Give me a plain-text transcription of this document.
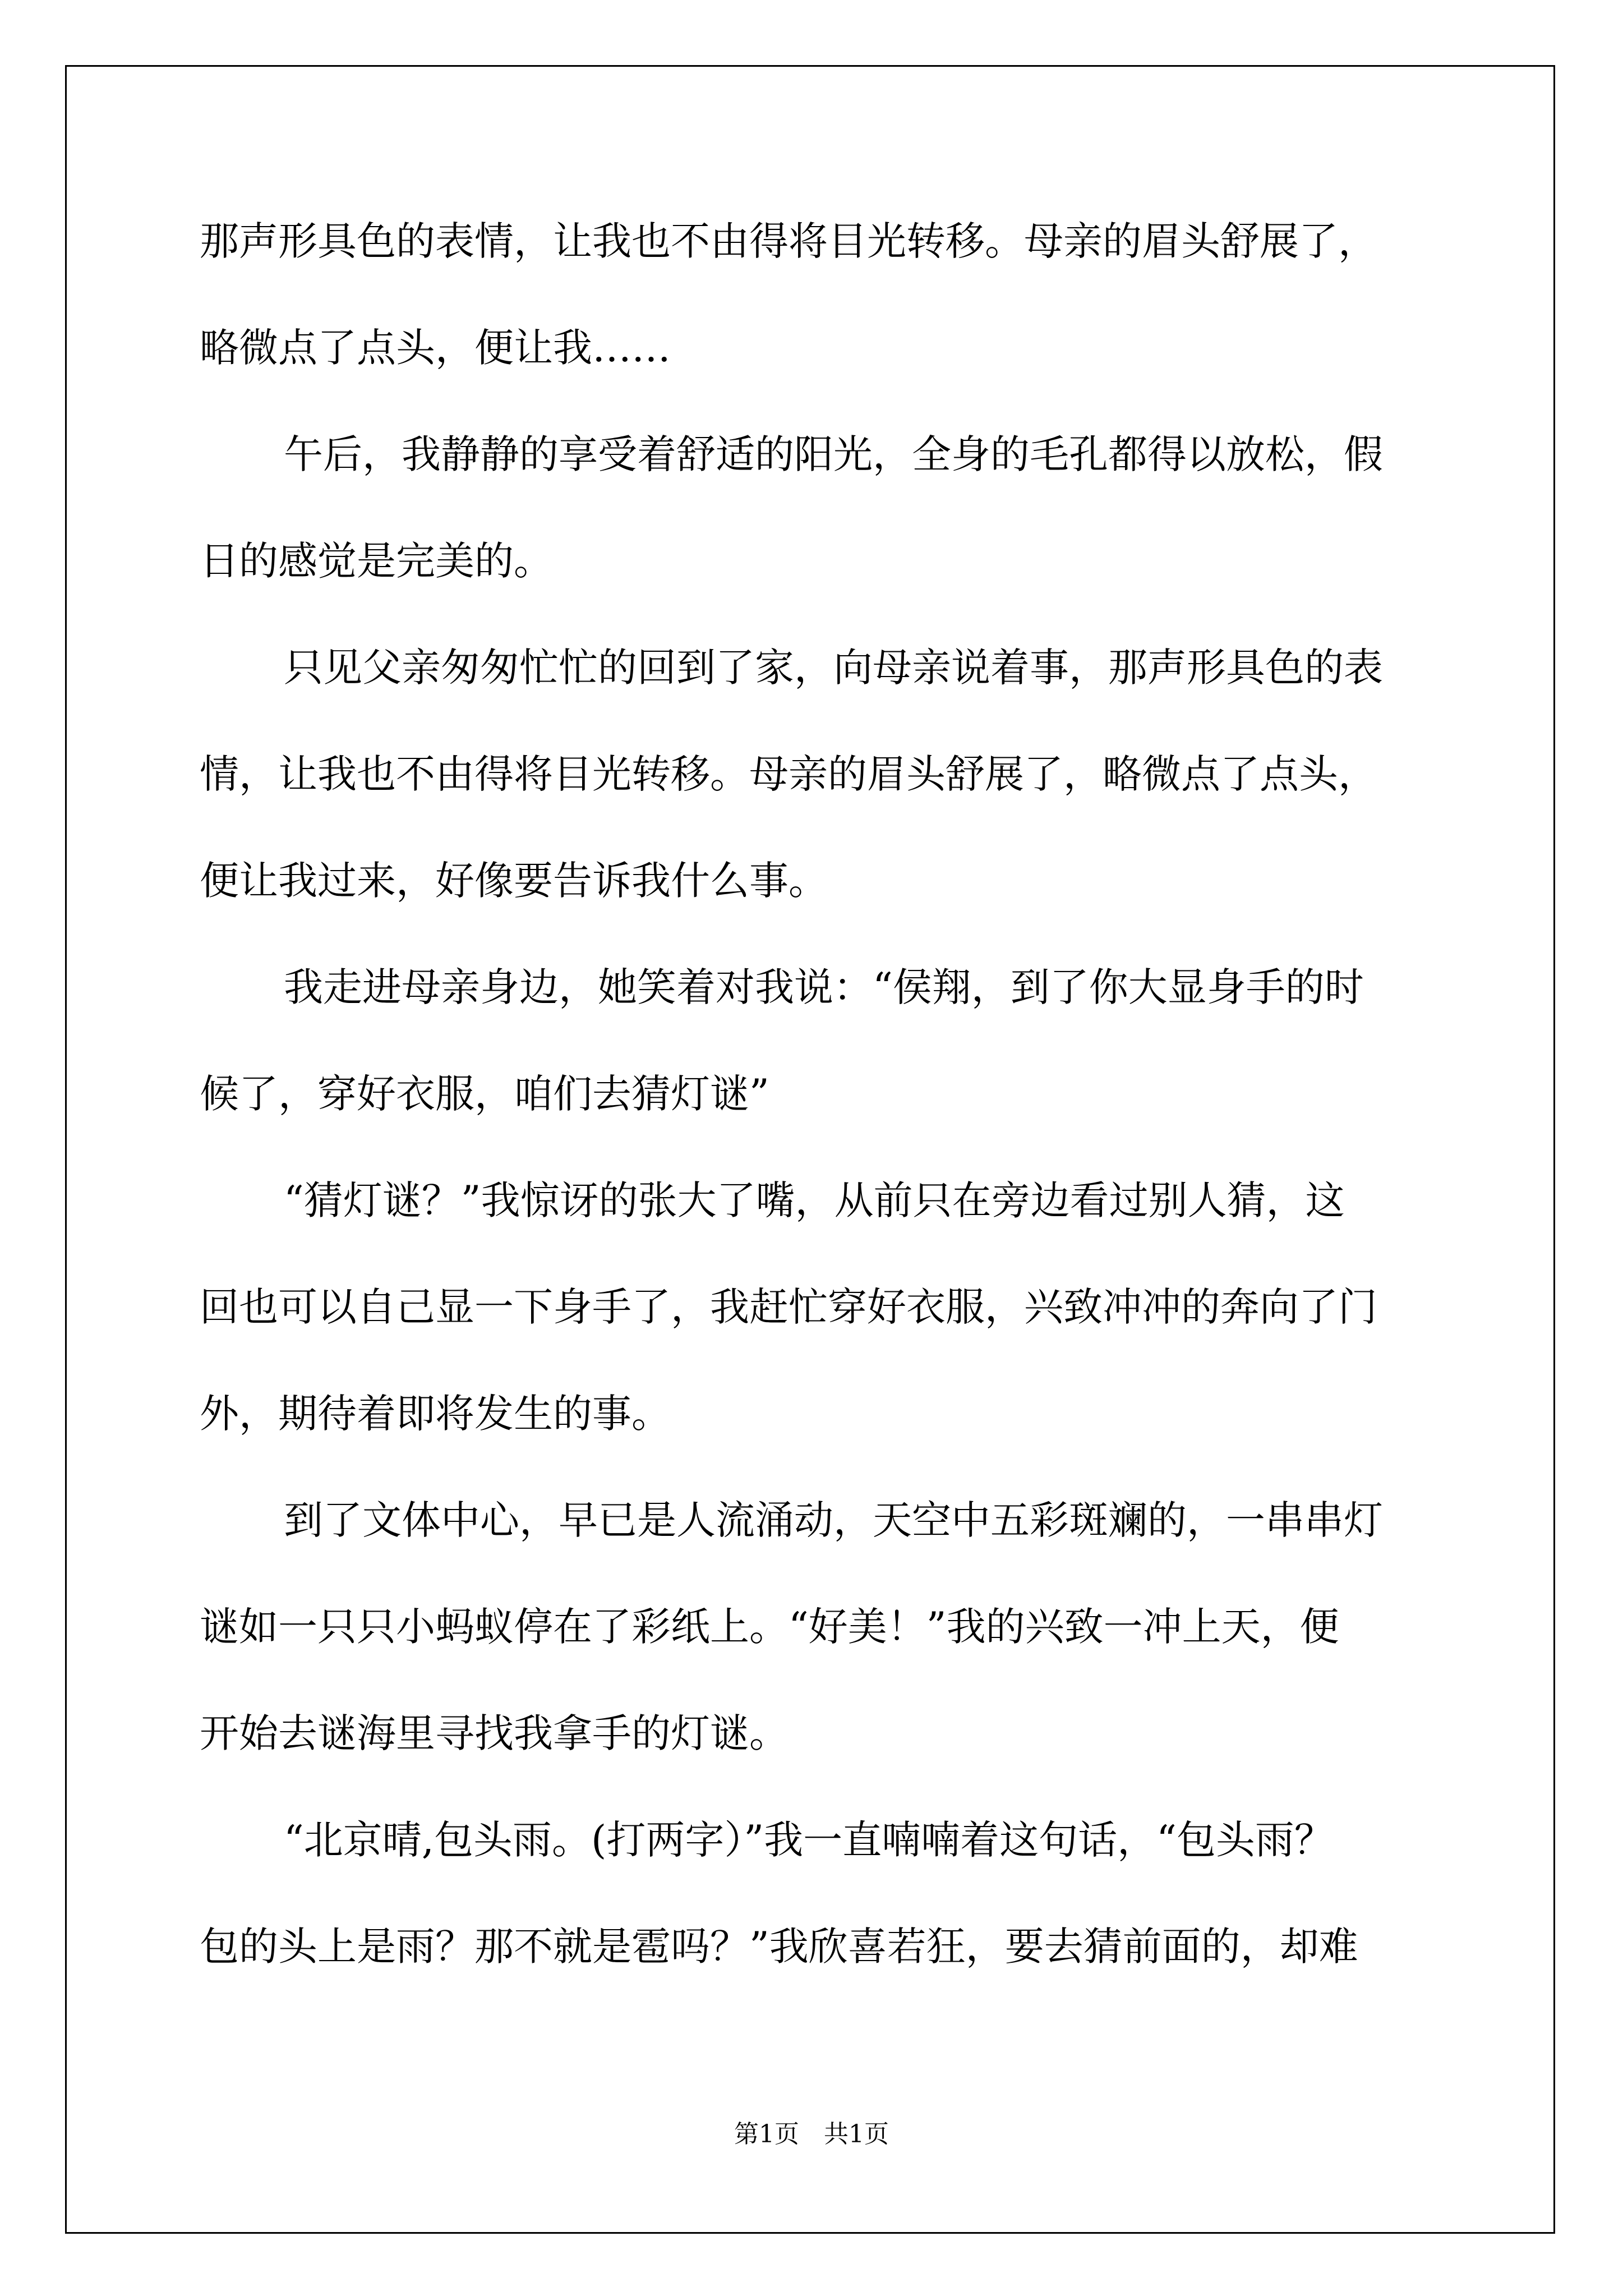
那声形具色的表情，让我也不由得将目光转移。母亲的眉头舒展了，
略微点了点头，便让我……
午后，我静静的享受着舒适的阳光，全身的毛孔都得以放松，假
日的感觉是完美的。
只见父亲匆匆忙忙的回到了家，向母亲说着事，那声形具色的表
情，让我也不由得将目光转移。母亲的眉头舒展了，略微点了点头，
便让我过来，好像要告诉我什么事。
我走进母亲身边，她笑着对我说：“侯翔，到了你大显身手的时
候了，穿好衣服，咱们去猜灯谜”
“猜灯谜？”我惊讶的张大了嘴，从前只在旁边看过别人猜，这
回也可以自己显一下身手了，我赶忙穿好衣服，兴致冲冲的奔向了门
外，期待着即将发生的事。
到了文体中心，早已是人流涌动，天空中五彩斑斓的，一串串灯
谜如一只只小蚂蚁停在了彩纸上。“好美！”我的兴致一冲上天，便
开始去谜海里寻找我拿手的灯谜。
“北京晴,包头雨。(打两字）”我一直喃喃着这句话，“包头雨？
包的头上是雨？那不就是雹吗？”我欣喜若狂，要去猜前面的，却难
第1页　共1页
